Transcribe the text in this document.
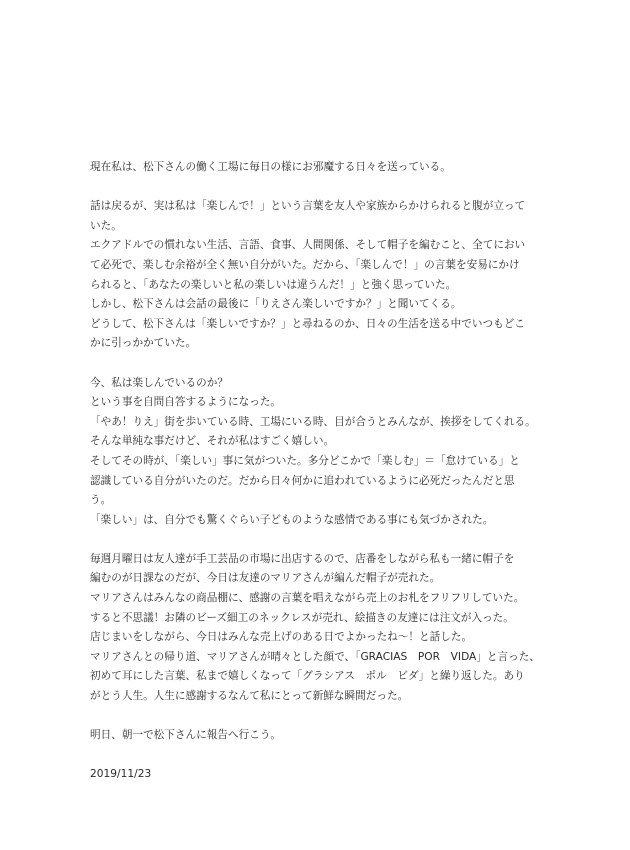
現在私は、松下さんの働く工場に毎日の様にお邪魔する日々を送っている。

話は戻るが、実は私は「楽しんで！」という言葉を友人や家族からかけられると腹が立って
いた。
エクアドルでの慣れない生活、言語、食事、人間関係、そして帽子を編むこと、全てにおい
て必死で、楽しむ余裕が全く無い自分がいた。だから、「楽しんで！」の言葉を安易にかけ
られると、「あなたの楽しいと私の楽しいは違うんだ！」と強く思っていた。
しかし、松下さんは会話の最後に「りえさん楽しいですか？」と聞いてくる。
どうして、松下さんは「楽しいですか？」と尋ねるのか、日々の生活を送る中でいつもどこ
かに引っかかていた。

今、私は楽しんでいるのか？
という事を自問自答するようになった。
「やあ！りえ」街を歩いている時、工場にいる時、目が合うとみんなが、挨拶をしてくれる。
そんな単純な事だけど、それが私はすごく嬉しい。
そしてその時が、「楽しい」事に気がついた。多分どこかで「楽しむ」＝「怠けている」と
認識している自分がいたのだ。だから日々何かに追われているように必死だったんだと思
う。
「楽しい」は、自分でも驚くぐらい子どものような感情である事にも気づかされた。

毎週月曜日は友人達が手工芸品の市場に出店するので、店番をしながら私も一緒に帽子を
編むのが日課なのだが、今日は友達のマリアさんが編んだ帽子が売れた。
マリアさんはみんなの商品棚に、感謝の言葉を唱えながら売上のお札をフリフリしていた。
すると不思議！お隣のビーズ細工のネックレスが売れ、絵描きの友達には注文が入った。
店じまいをしながら、今日はみんな売上げのある日でよかったね〜！と話した。
マリアさんとの帰り道、マリアさんが晴々とした顔で、「GRACIAS　POR　VIDA」と言った、
初めて耳にした言葉、私まで嬉しくなって「グラシアス　ポル　ビダ」と繰り返した。あり
がとう人生。人生に感謝するなんて私にとって新鮮な瞬間だった。

明日、朝一で松下さんに報告へ行こう。

2019/11/23
